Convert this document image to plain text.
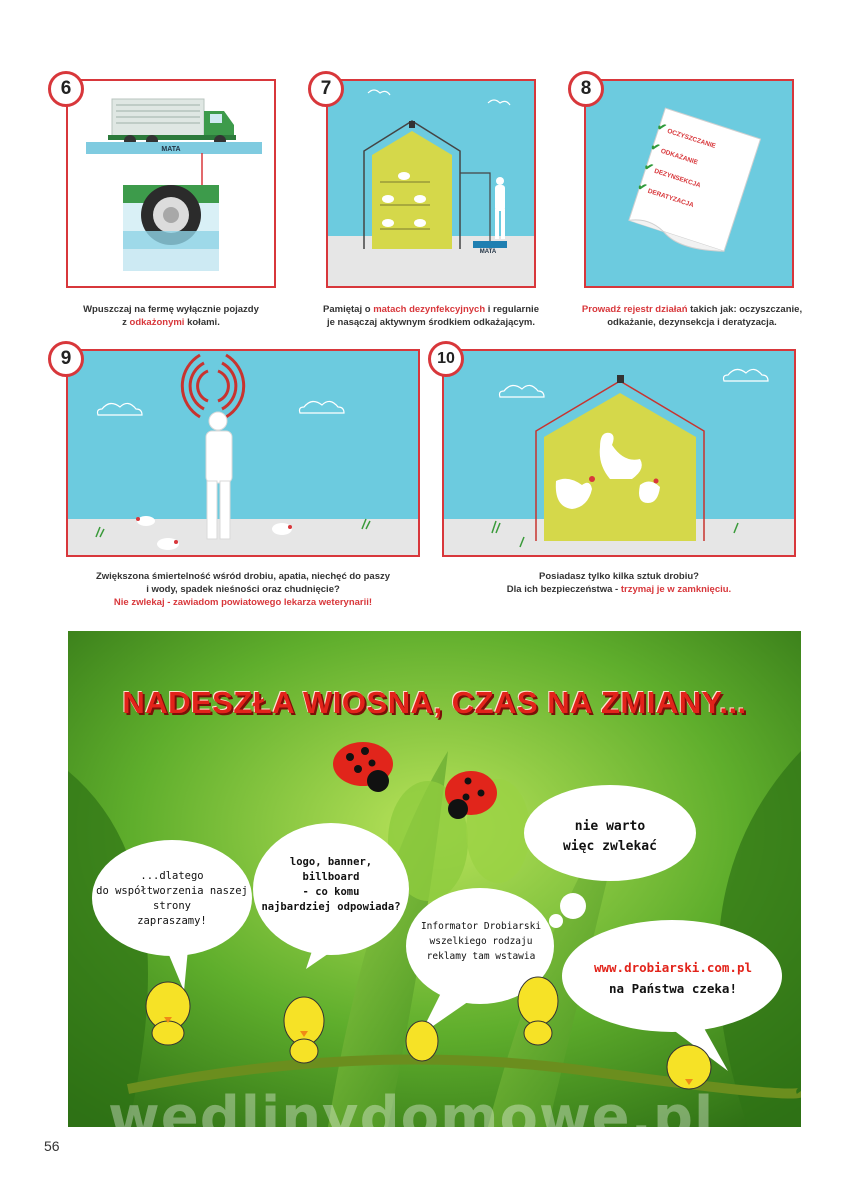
6
MATA
Wpuszczaj na fermę wyłącznie pojazdy
z odkażonymi kołami.
7
MATA
Pamiętaj o matach dezynfekcyjnych i regularnie
je nasączaj aktywnym środkiem odkażającym.
8
✔ OCZYSZCZANIE
✔ ODKAŻANIE
✔ DEZYNSEKCJA
✔ DERATYZACJA
Prowadź rejestr działań takich jak: oczyszczanie,
odkażanie, dezynsekcja i deratyzacja.
9
Zwiększona śmiertelność wśród drobiu, apatia, niechęć do paszy
i wody, spadek nieśności oraz chudnięcie?
Nie zwlekaj - zawiadom powiatowego lekarza weterynarii!
10
Posiadasz tylko kilka sztuk drobiu?
Dla ich bezpieczeństwa - trzymaj je w zamknięciu.
NADESZŁA WIOSNA, CZAS NA ZMIANY...
...dlatego
do współtworzenia naszej
strony
zapraszamy!
logo, banner,
billboard
- co komu
najbardziej odpowiada?
Informator Drobiarski
wszelkiego rodzaju
reklamy tam wstawia
nie warto
więc zwlekać
www.drobiarski.com.pl
na Państwa czeka!
wedlinydomowe.pl
56
